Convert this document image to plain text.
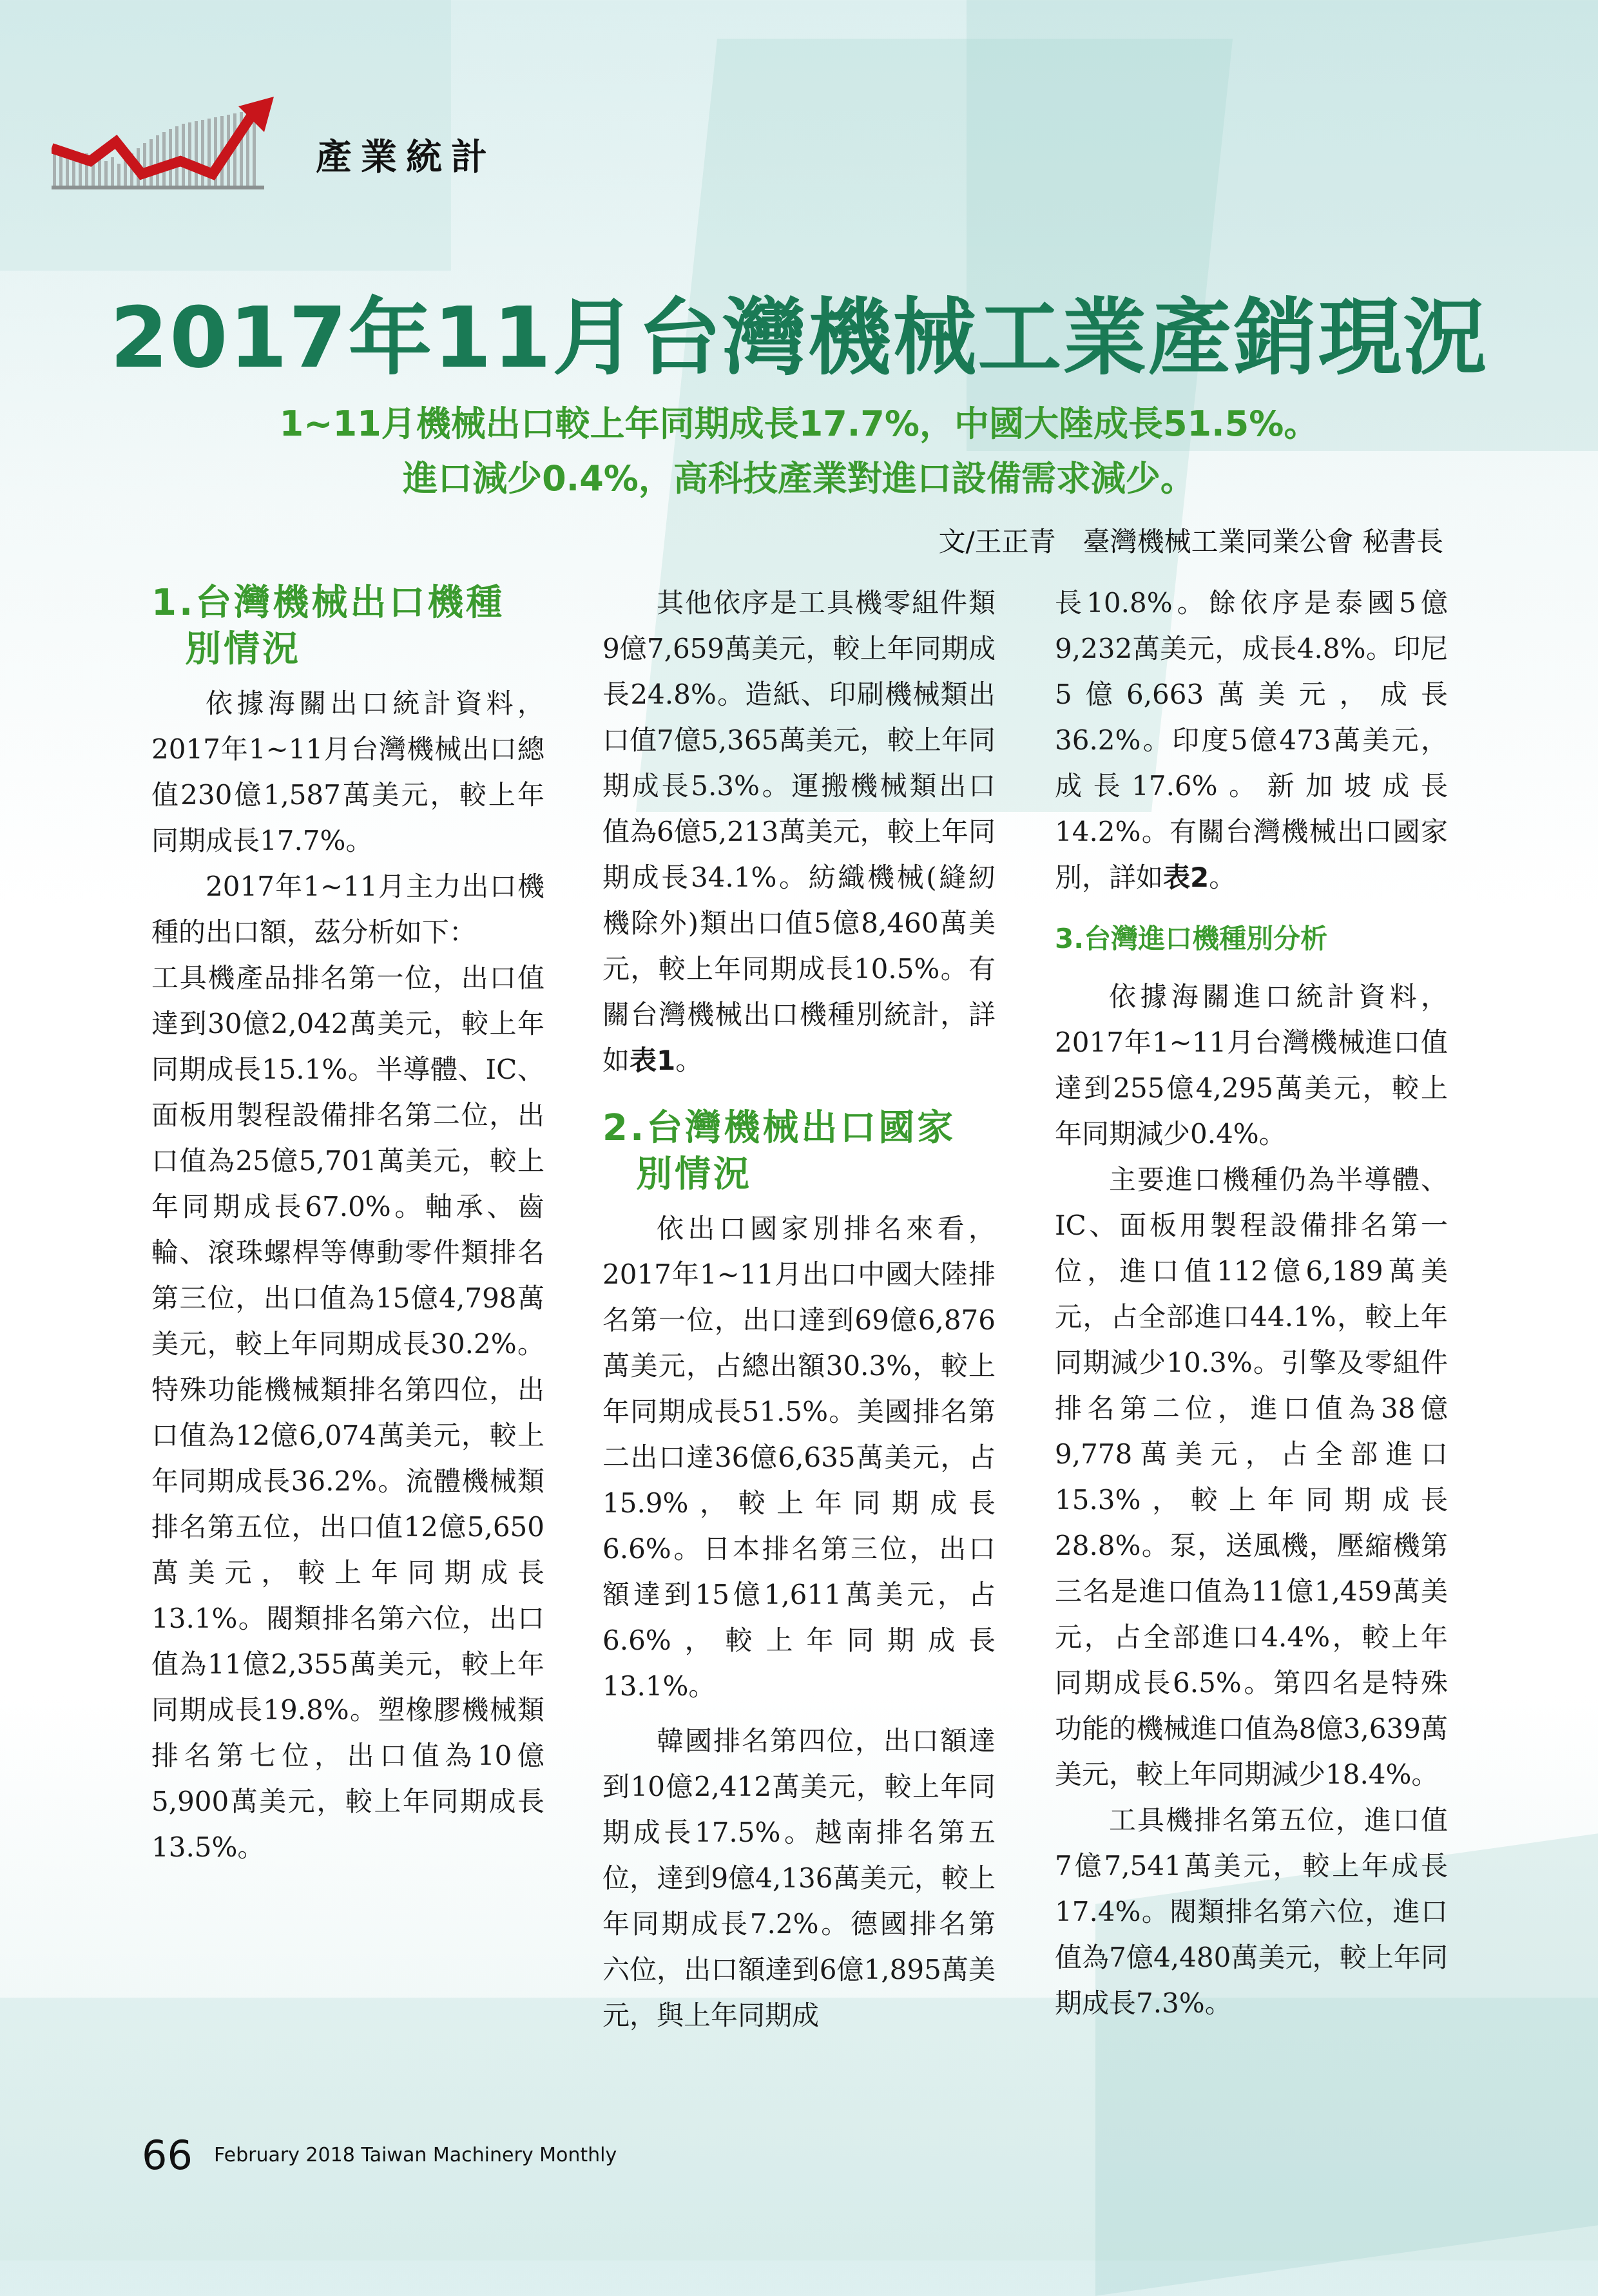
產業統計
2017年11月台灣機械工業產銷現況
1~11月機械出口較上年同期成長17.7%，中國大陸成長51.5%。
進口減少0.4%，高科技產業對進口設備需求減少。
文/王正青　臺灣機械工業同業公會 秘書長
1.台灣機械出口機種
別情況

依據海關出口統計資料，2017年1~11月台灣機械出口總值230億1,587萬美元，較上年同期成長17.7%。

2017年1~11月主力出口機種的出口額，茲分析如下：

工具機產品排名第一位，出口值達到30億2,042萬美元，較上年同期成長15.1%。半導體、IC、面板用製程設備排名第二位，出口值為25億5,701萬美元，較上年同期成長67.0%。軸承、齒輪、滾珠螺桿等傳動零件類排名第三位，出口值為15億4,798萬美元，較上年同期成長30.2%。特殊功能機械類排名第四位，出口值為12億6,074萬美元，較上年同期成長36.2%。流體機械類排名第五位，出口值12億5,650萬美元，較上年同期成長13.1%。閥類排名第六位，出口值為11億2,355萬美元，較上年同期成長19.8%。塑橡膠機械類排名第七位，出口值為10億5,900萬美元，較上年同期成長13.5%。

其他依序是工具機零組件類9億7,659萬美元，較上年同期成長24.8%。造紙、印刷機械類出口值7億5,365萬美元，較上年同期成長5.3%。運搬機械類出口值為6億5,213萬美元，較上年同期成長34.1%。紡織機械(縫紉機除外)類出口值5億8,460萬美元，較上年同期成長10.5%。有關台灣機械出口機種別統計，詳如表1。

2.台灣機械出口國家
別情況

依出口國家別排名來看，2017年1~11月出口中國大陸排名第一位，出口達到69億6,876萬美元，占總出額30.3%，較上年同期成長51.5%。美國排名第二出口達36億6,635萬美元，占15.9%，較上年同期成長6.6%。日本排名第三位，出口額達到15億1,611萬美元，占6.6%，較上年同期成長13.1%。

韓國排名第四位，出口額達到10億2,412萬美元，較上年同期成長17.5%。越南排名第五位，達到9億4,136萬美元，較上年同期成長7.2%。德國排名第六位，出口額達到6億1,895萬美元，與上年同期成

長10.8%。餘依序是泰國5億9,232萬美元，成長4.8%。印尼5億6,663萬美元，成長36.2%。印度5億473萬美元，成長17.6%。新加坡成長14.2%。有關台灣機械出口國家別，詳如表2。

3.台灣進口機種別分析

依據海關進口統計資料，2017年1~11月台灣機械進口值達到255億4,295萬美元，較上年同期減少0.4%。

主要進口機種仍為半導體、IC、面板用製程設備排名第一位，進口值112億6,189萬美元，占全部進口44.1%，較上年同期減少10.3%。引擎及零組件排名第二位，進口值為38億9,778萬美元，占全部進口15.3%，較上年同期成長28.8%。泵，送風機，壓縮機第三名是進口值為11億1,459萬美元，占全部進口4.4%，較上年同期成長6.5%。第四名是特殊功能的機械進口值為8億3,639萬美元，較上年同期減少18.4%。

工具機排名第五位，進口值7億7,541萬美元，較上年成長17.4%。閥類排名第六位，進口值為7億4,480萬美元，較上年同期成長7.3%。

66 February 2018 Taiwan Machinery Monthly
